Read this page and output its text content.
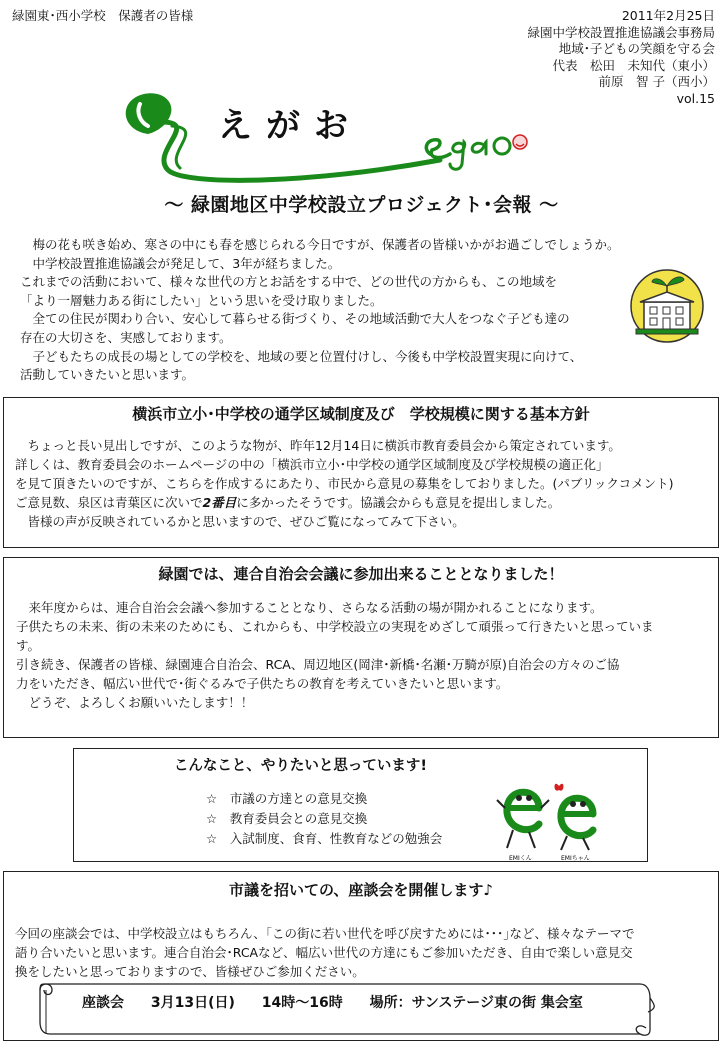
緑園東･西小学校　保護者の皆様	2011年2月25日
緑園中学校設置推進協議会事務局
地域･子どもの笑顔を守る会
代表　松田　未知代（東小）
前原　智 子（西小）
vol.15
えがお
～ 緑園地区中学校設立プロジェクト･会報 ～

　梅の花も咲き始め、寒さの中にも春を感じられる今日ですが、保護者の皆様いかがお過ごしでしょうか。

　中学校設置推進協議会が発足して、3年が経ちました。

これまでの活動において、様々な世代の方とお話をする中で、どの世代の方からも、この地域を

「より一層魅力ある街にしたい」という思いを受け取りました。

　全ての住民が関わり合い、安心して暮らせる街づくり、その地域活動で大人をつなぐ子ども達の

存在の大切さを、実感しております。

　子どもたちの成長の場としての学校を、地域の要と位置付けし、今後も中学校設置実現に向けて、

活動していきたいと思います。

横浜市立小･中学校の通学区域制度及び　学校規模に関する基本方針

　ちょっと長い見出しですが、このような物が、昨年12月14日に横浜市教育委員会から策定されています。

詳しくは、教育委員会のホームページの中の「横浜市立小･中学校の通学区域制度及び学校規模の適正化」

を見て頂きたいのですが、こちらを作成するにあたり、市民から意見の募集をしておりました。(パブリックコメント)

ご意見数、泉区は青葉区に次いで2番目に多かったそうです。協議会からも意見を提出しました。

　皆様の声が反映されているかと思いますので、ぜひご覧になってみて下さい。

緑園では、連合自治会会議に参加出来ることとなりました！

　来年度からは、連合自治会会議へ参加することとなり、さらなる活動の場が開かれることになります。

子供たちの未来、街の未来のためにも、これからも、中学校設立の実現をめざして頑張って行きたいと思っていま

す。

引き続き、保護者の皆様、緑園連合自治会、RCA、周辺地区(岡津･新橋･名瀬･万騎が原)自治会の方々のご協

力をいただき、幅広い世代で･街ぐるみで子供たちの教育を考えていきたいと思います。

　どうぞ、よろしくお願いいたします！！

こんなこと、やりたいと思っています!
☆　市議の方達との意見交換
☆　教育委員会との意見交換
☆　入試制度、食育、性教育などの勉強会
EMIくん	EMIちゃん
市議を招いての、座談会を開催します♪

今回の座談会では、中学校設立はもちろん、｢この街に若い世代を呼び戻すためには･･･｣など、様々なテーマで

語り合いたいと思います。連合自治会･RCAなど、幅広い世代の方達にもご参加いただき、自由で楽しい意見交

換をしたいと思っておりますので、皆様ぜひご参加ください。

座談会 3月13日(日) 14時～16時 場所：サンステージ東の街 集会室
